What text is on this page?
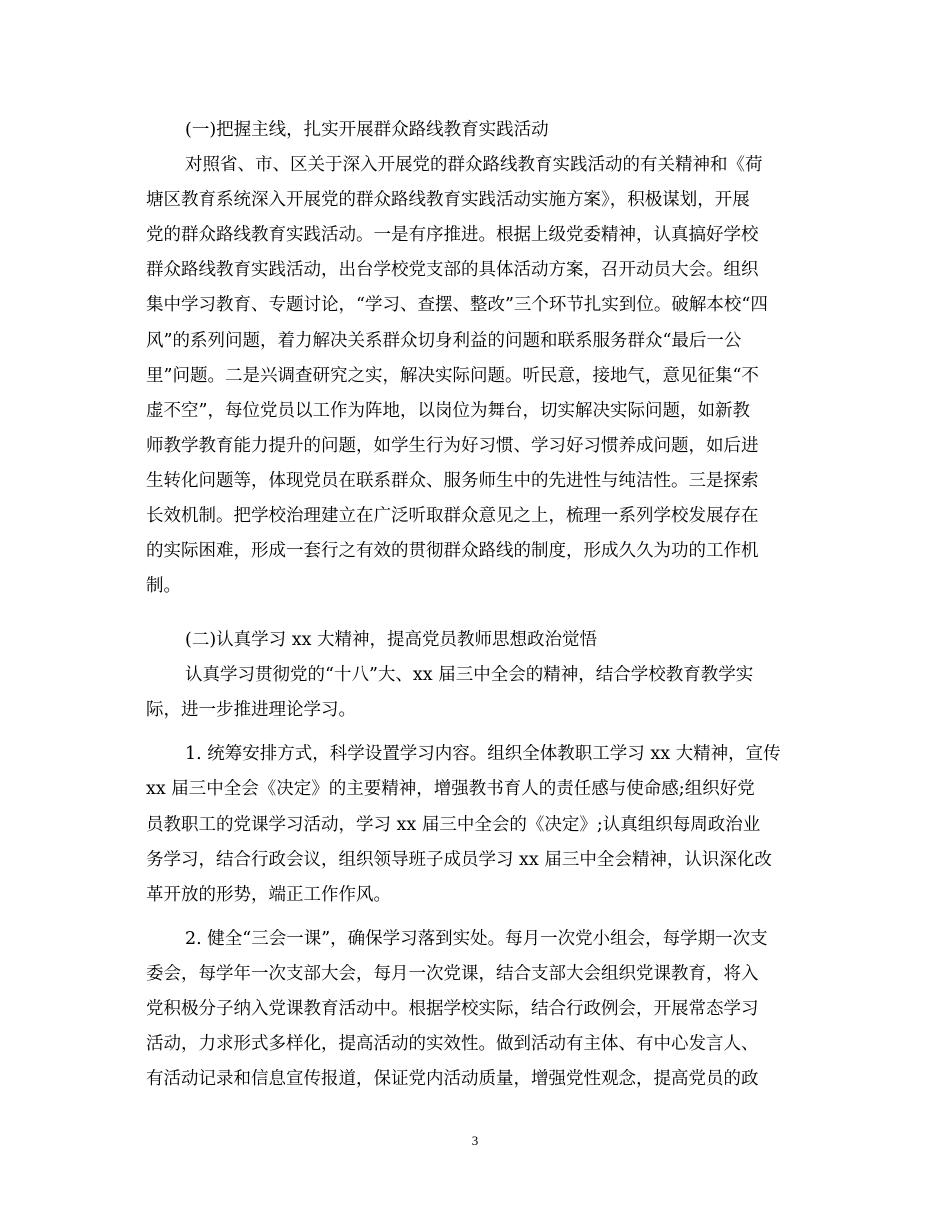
(一)把握主线，扎实开展群众路线教育实践活动
对照省、市、区关于深入开展党的群众路线教育实践活动的有关精神和《荷
塘区教育系统深入开展党的群众路线教育实践活动实施方案》，积极谋划，开展
党的群众路线教育实践活动。一是有序推进。根据上级党委精神，认真搞好学校
群众路线教育实践活动，出台学校党支部的具体活动方案，召开动员大会。组织
集中学习教育、专题讨论，“学习、查摆、整改”三个环节扎实到位。破解本校“四
风”的系列问题，着力解决关系群众切身利益的问题和联系服务群众“最后一公
里”问题。二是兴调查研究之实，解决实际问题。听民意，接地气，意见征集“不
虚不空”，每位党员以工作为阵地，以岗位为舞台，切实解决实际问题，如新教
师教学教育能力提升的问题，如学生行为好习惯、学习好习惯养成问题，如后进
生转化问题等，体现党员在联系群众、服务师生中的先进性与纯洁性。三是探索
长效机制。把学校治理建立在广泛听取群众意见之上，梳理一系列学校发展存在
的实际困难，形成一套行之有效的贯彻群众路线的制度，形成久久为功的工作机
制。
(二)认真学习 xx 大精神，提高党员教师思想政治觉悟
认真学习贯彻党的“十八”大、xx 届三中全会的精神，结合学校教育教学实
际，进一步推进理论学习。
1. 统筹安排方式，科学设置学习内容。组织全体教职工学习 xx 大精神，宣传
xx 届三中全会《决定》的主要精神，增强教书育人的责任感与使命感;组织好党
员教职工的党课学习活动，学习 xx 届三中全会的《决定》;认真组织每周政治业
务学习，结合行政会议，组织领导班子成员学习 xx 届三中全会精神，认识深化改
革开放的形势，端正工作作风。
2. 健全“三会一课”，确保学习落到实处。每月一次党小组会，每学期一次支
委会，每学年一次支部大会，每月一次党课，结合支部大会组织党课教育，将入
党积极分子纳入党课教育活动中。根据学校实际，结合行政例会，开展常态学习
活动，力求形式多样化，提高活动的实效性。做到活动有主体、有中心发言人、
有活动记录和信息宣传报道，保证党内活动质量，增强党性观念，提高党员的政
3
